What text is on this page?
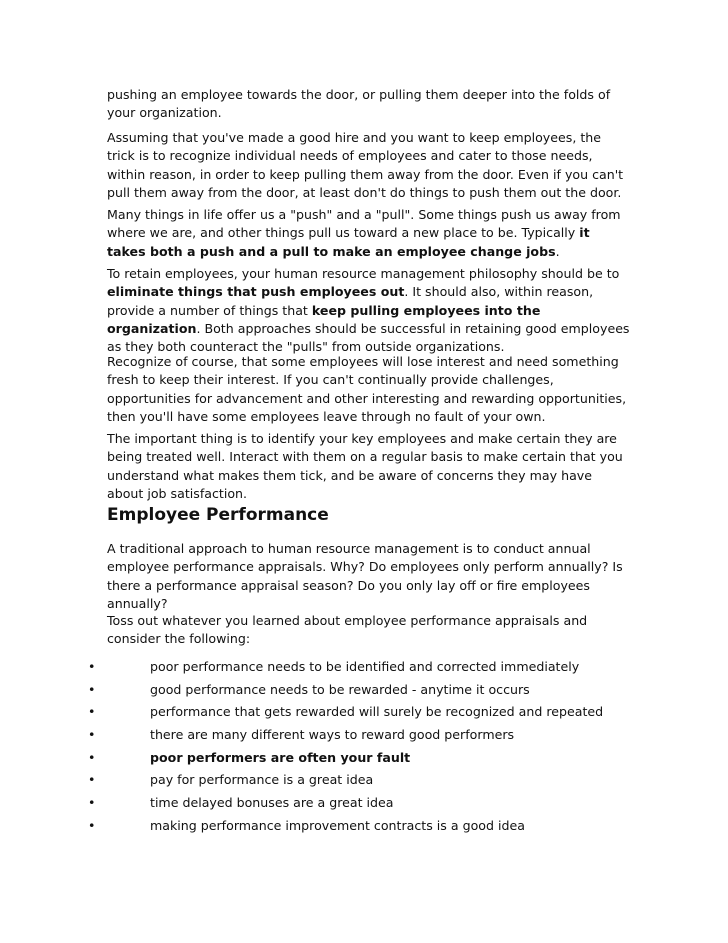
pushing an employee towards the door, or pulling them deeper into the folds of your organization.

Assuming that you've made a good hire and you want to keep employees, the trick is to recognize individual needs of employees and cater to those needs, within reason, in order to keep pulling them away from the door. Even if you can't pull them away from the door, at least don't do things to push them out the door.

Many things in life offer us a "push" and a "pull". Some things push us away from where we are, and other things pull us toward a new place to be. Typically it takes both a push and a pull to make an employee change jobs.

To retain employees, your human resource management philosophy should be to eliminate things that push employees out. It should also, within reason, provide a number of things that keep pulling employees into the organization. Both approaches should be successful in retaining good employees as they both counteract the "pulls" from outside organizations.

Recognize of course, that some employees will lose interest and need something fresh to keep their interest. If you can't continually provide challenges, opportunities for advancement and other interesting and rewarding opportunities, then you'll have some employees leave through no fault of your own.

The important thing is to identify your key employees and make certain they are being treated well. Interact with them on a regular basis to make certain that you understand what makes them tick, and be aware of concerns they may have about job satisfaction.

Employee Performance

A traditional approach to human resource management is to conduct annual employee performance appraisals. Why? Do employees only perform annually? Is there a performance appraisal season? Do you only lay off or fire employees annually?

Toss out whatever you learned about employee performance appraisals and consider the following:

•	poor performance needs to be identified and corrected immediately
•	good performance needs to be rewarded - anytime it occurs
•	performance that gets rewarded will surely be recognized and repeated
•	there are many different ways to reward good performers
•	poor performers are often your fault
•	pay for performance is a great idea
•	time delayed bonuses are a great idea
•	making performance improvement contracts is a good idea
